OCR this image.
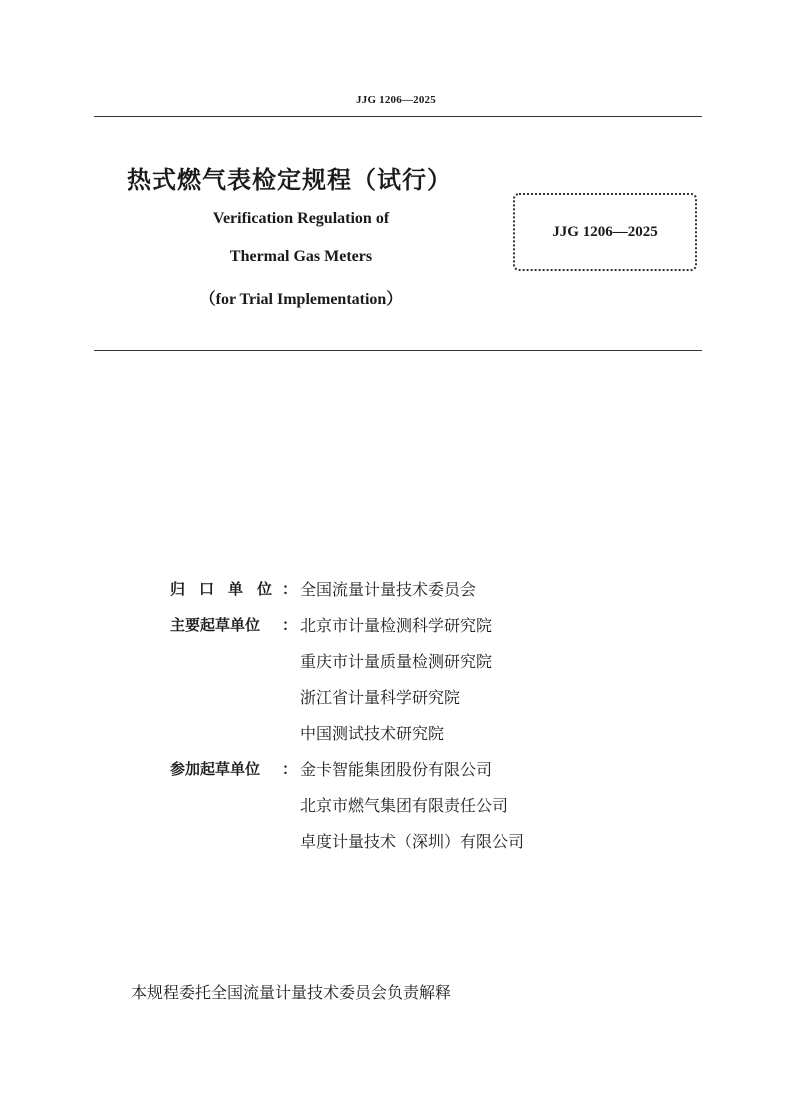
JJG 1206—2025
热式燃气表检定规程（试行）
Verification Regulation of
Thermal Gas Meters
（for Trial Implementation）
JJG 1206—2025
归口单位
： 全国流量计量技术委员会
主要起草单位 ： 北京市计量检测科学研究院
重庆市计量质量检测研究院
浙江省计量科学研究院
中国测试技术研究院
参加起草单位 ： 金卡智能集团股份有限公司
北京市燃气集团有限责任公司
卓度计量技术（深圳）有限公司
本规程委托全国流量计量技术委员会负责解释
